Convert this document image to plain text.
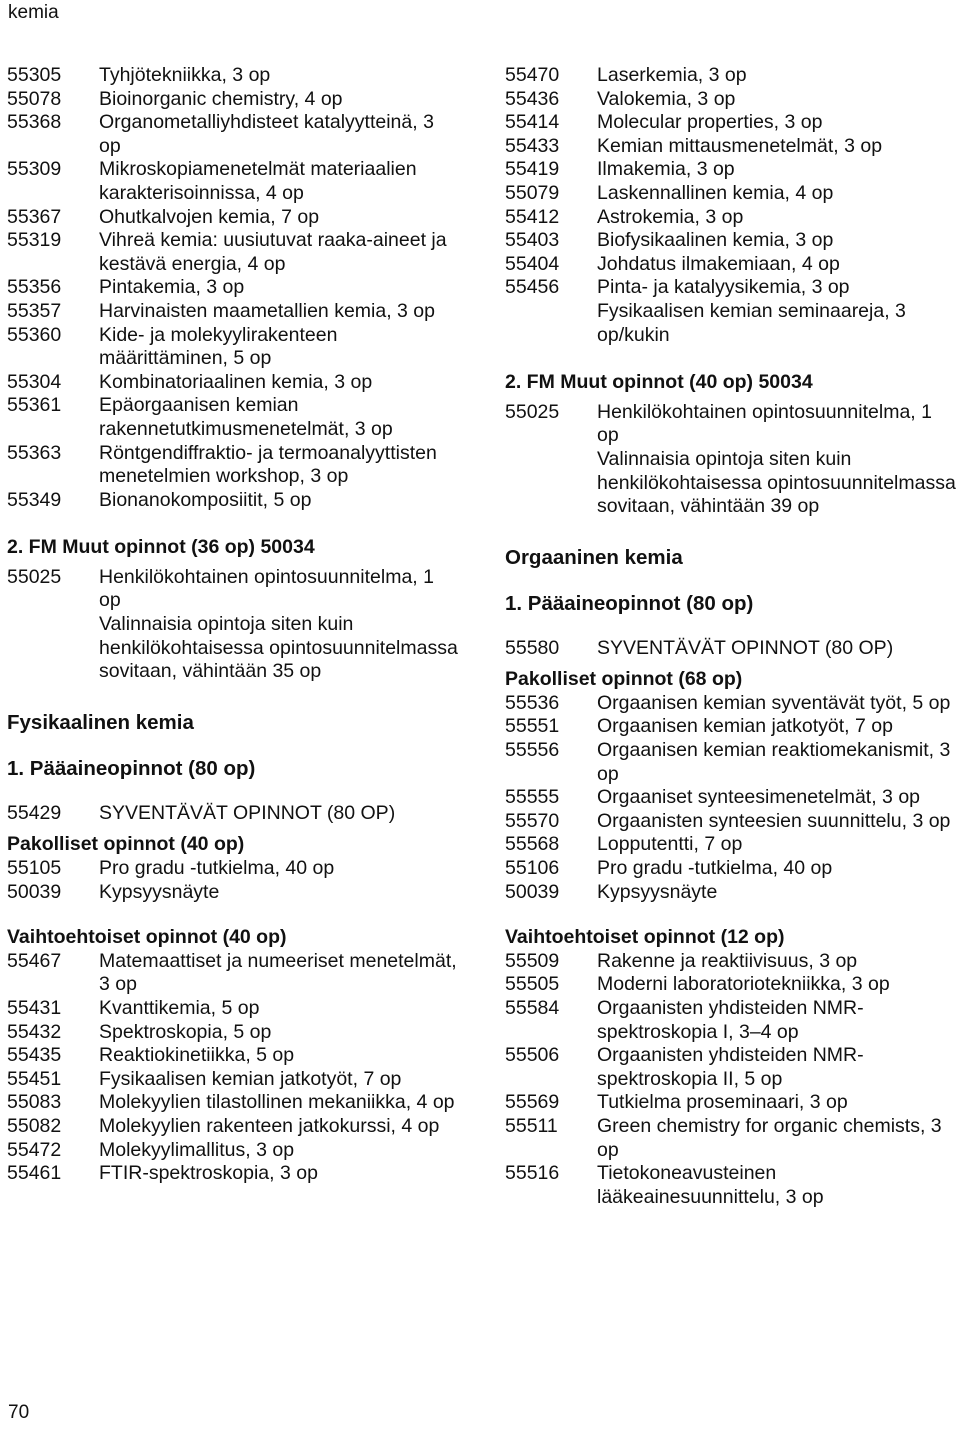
kemia
55305	Tyhjötekniikka, 3 op
55078	Bioinorganic chemistry, 4 op
55368	Organometalliyhdisteet katalyytteinä, 3 op
55309	Mikroskopiamenetelmät materiaalien karakterisoinnissa, 4 op
55367	Ohutkalvojen kemia, 7 op
55319	Vihreä kemia: uusiutuvat raaka-aineet ja kestävä energia, 4 op
55356	Pintakemia, 3 op
55357	Harvinaisten maametallien kemia, 3 op
55360	Kide- ja molekyylirakenteen määrittäminen, 5 op
55304	Kombinatoriaalinen kemia, 3 op
55361	Epäorgaanisen kemian rakennetutkimusmenetelmät, 3 op
55363	Röntgendiffraktio- ja termoanalyyttisten menetelmien workshop, 3 op
55349	Bionanokomposiitit, 5 op
2. FM Muut opinnot (36 op) 50034
55025	Henkilökohtainen opintosuunnitelma, 1 op
Valinnaisia opintoja siten kuin henkilökohtaisessa opintosuunnitelmassa sovitaan, vähintään 35 op
Fysikaalinen kemia
1. Pääaineopinnot (80 op)
55429	SYVENTÄVÄT OPINNOT (80 OP)
Pakolliset opinnot (40 op)
55105	Pro gradu -tutkielma, 40 op
50039	Kypsyysnäyte
Vaihtoehtoiset opinnot (40 op)
55467	Matemaattiset ja numeeriset menetelmät, 3 op
55431	Kvanttikemia, 5 op
55432	Spektroskopia, 5 op
55435	Reaktiokinetiikka, 5 op
55451	Fysikaalisen kemian jatkotyöt, 7 op
55083	Molekyylien tilastollinen mekaniikka, 4 op
55082	Molekyylien rakenteen jatkokurssi, 4 op
55472	Molekyylimallitus, 3 op
55461	FTIR-spektroskopia, 3 op
55470	Laserkemia, 3 op
55436	Valokemia, 3 op
55414	Molecular properties, 3 op
55433	Kemian mittausmenetelmät, 3 op
55419	Ilmakemia, 3 op
55079	Laskennallinen kemia, 4 op
55412	Astrokemia, 3 op
55403	Biofysikaalinen kemia, 3 op
55404	Johdatus ilmakemiaan, 4 op
55456	Pinta- ja katalyysikemia, 3 op
Fysikaalisen kemian seminaareja, 3 op/kukin
2. FM Muut opinnot (40 op) 50034
55025	Henkilökohtainen opintosuunnitelma, 1 op
Valinnaisia opintoja siten kuin henkilökohtaisessa opintosuunnitelmassa sovitaan, vähintään 39 op
Orgaaninen kemia
1. Pääaineopinnot (80 op)
55580	SYVENTÄVÄT OPINNOT (80 OP)
Pakolliset opinnot (68 op)
55536	Orgaanisen kemian syventävät työt, 5 op
55551	Orgaanisen kemian jatkotyöt, 7 op
55556	Orgaanisen kemian reaktiomekanismit, 3 op
55555	Orgaaniset synteesimenetelmät, 3 op
55570	Orgaanisten synteesien suunnittelu, 3 op
55568	Lopputentti, 7 op
55106	Pro gradu -tutkielma, 40 op
50039	Kypsyysnäyte
Vaihtoehtoiset opinnot (12 op)
55509	Rakenne ja reaktiivisuus, 3 op
55505	Moderni laboratoriotekniikka, 3 op
55584	Orgaanisten yhdisteiden NMR-spektroskopia I, 3–4 op
55506	Orgaanisten yhdisteiden NMR-spektroskopia II, 5 op
55569	Tutkielma proseminaari, 3 op
55511	Green chemistry for organic chemists, 3 op
55516	Tietokoneavusteinen lääkeainesuunnittelu, 3 op
70
